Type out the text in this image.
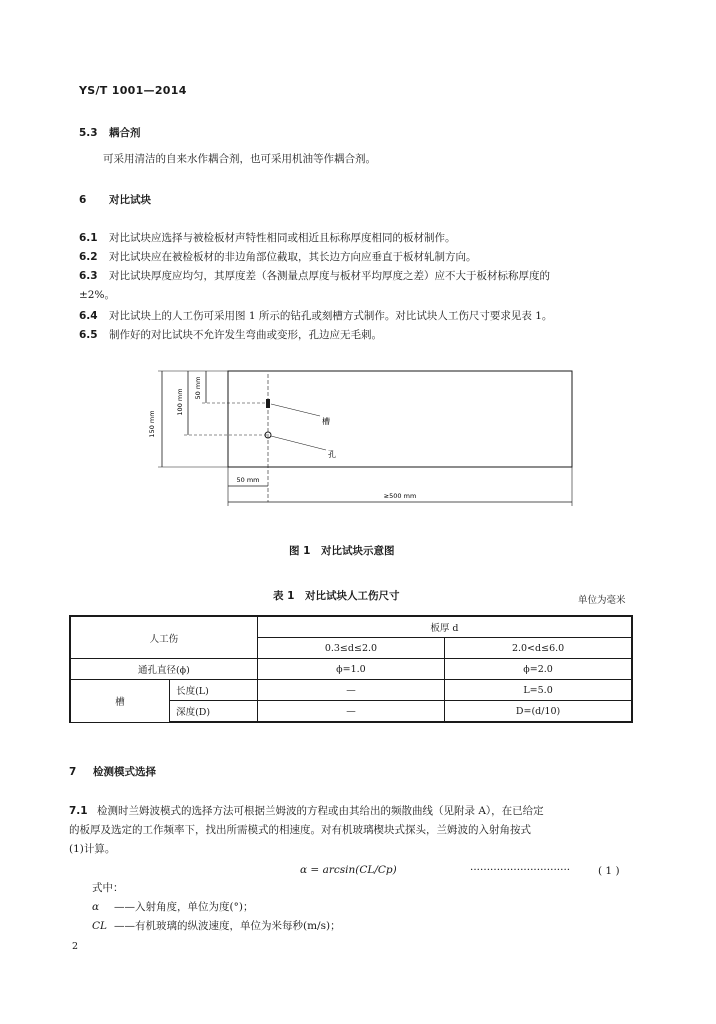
YS/T 1001—2014
5.3 耦合剂
可采用清洁的自来水作耦合剂，也可采用机油等作耦合剂。
6 对比试块
6.1 对比试块应选择与被检板材声特性相同或相近且标称厚度相同的板材制作。
6.2 对比试块应在被检板材的非边角部位截取，其长边方向应垂直于板材轧制方向。
6.3 对比试块厚度应均匀，其厚度差（各测量点厚度与板材平均厚度之差）应不大于板材标称厚度的
±2%。
6.4 对比试块上的人工伤可采用图 1 所示的钻孔或刻槽方式制作。对比试块人工伤尺寸要求见表 1。
6.5 制作好的对比试块不允许发生弯曲或变形，孔边应无毛刺。
150 mm
100 mm
50 mm
槽
孔
50 mm
≥500 mm
图 1　对比试块示意图
表 1　对比试块人工伤尺寸	单位为毫米
人工伤		板厚 d	
		0.3≤d≤2.0	2.0<d≤6.0
通孔直径(ϕ)		ϕ=1.0	ϕ=2.0
槽	长度(L)	—	L=5.0
	深度(D)	—	D=(d/10)
7 检测模式选择
7.1 检测时兰姆波模式的选择方法可根据兰姆波的方程或由其给出的频散曲线（见附录 A），在已给定
的板厚及选定的工作频率下，找出所需模式的相速度。对有机玻璃楔块式探头，兰姆波的入射角按式
(1)计算。
α = arcsin(CL/Cp)	······························	( 1 )
式中：
α ——入射角度，单位为度(°)；
CL ——有机玻璃的纵波速度，单位为米每秒(m/s)；
2
